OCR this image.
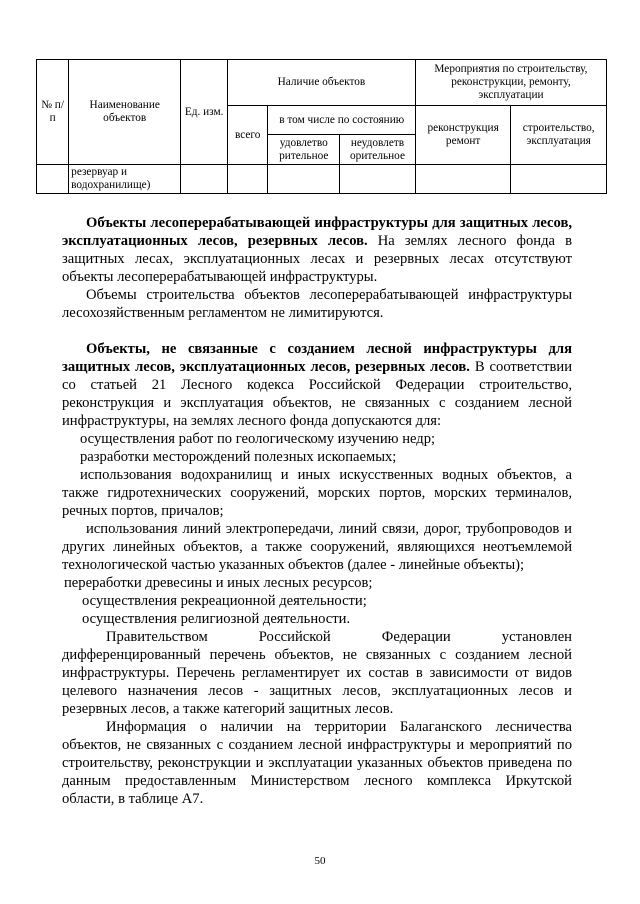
№ п/п	Наименование объектов	Ед. изм.	Наличие объектов			Мероприятия по строительству, реконструкции, ремонту, эксплуатации	
			всего	в том числе по состоянию		реконструкция ремонт	строительство, эксплуатация
				удовлетво рительное	неудовлетв орительное		
	резервуар и водохранилище)						

Объекты лесоперерабатывающей инфраструктуры для защитных лесов, эксплуатационных лесов, резервных лесов. На землях лесного фонда в защитных лесах, эксплуатационных лесах и резервных лесах отсутствуют объекты лесоперерабатывающей инфраструктуры.

Объемы строительства объектов лесоперерабатывающей инфраструктуры лесохозяйственным регламентом не лимитируются.

Объекты, не связанные с созданием лесной инфраструктуры для защитных лесов, эксплуатационных лесов, резервных лесов. В соответствии со статьей 21 Лесного кодекса Российской Федерации строительство, реконструкция и эксплуатация объектов, не связанных с созданием лесной инфраструктуры, на землях лесного фонда допускаются для:

осуществления работ по геологическому изучению недр;

разработки месторождений полезных ископаемых;

использования водохранилищ и иных искусственных водных объектов, а также гидротехнических сооружений, морских портов, морских терминалов, речных портов, причалов;

использования линий электропередачи, линий связи, дорог, трубопроводов и других линейных объектов, а также сооружений, являющихся неотъемлемой технологической частью указанных объектов (далее - линейные объекты);

переработки древесины и иных лесных ресурсов;

осуществления рекреационной деятельности;

осуществления религиозной деятельности.

Правительством Российской Федерации установлен дифференцированный перечень объектов, не связанных с созданием лесной инфраструктуры. Перечень регламентирует их состав в зависимости от видов целевого назначения лесов - защитных лесов, эксплуатационных лесов и резервных лесов, а также категорий защитных лесов.

Информация о наличии на территории Балаганского лесничества объектов, не связанных с созданием лесной инфраструктуры и мероприятий по строительству, реконструкции и эксплуатации указанных объектов приведена по данным предоставленным Министерством лесного комплекса Иркутской области, в таблице А7.

50
